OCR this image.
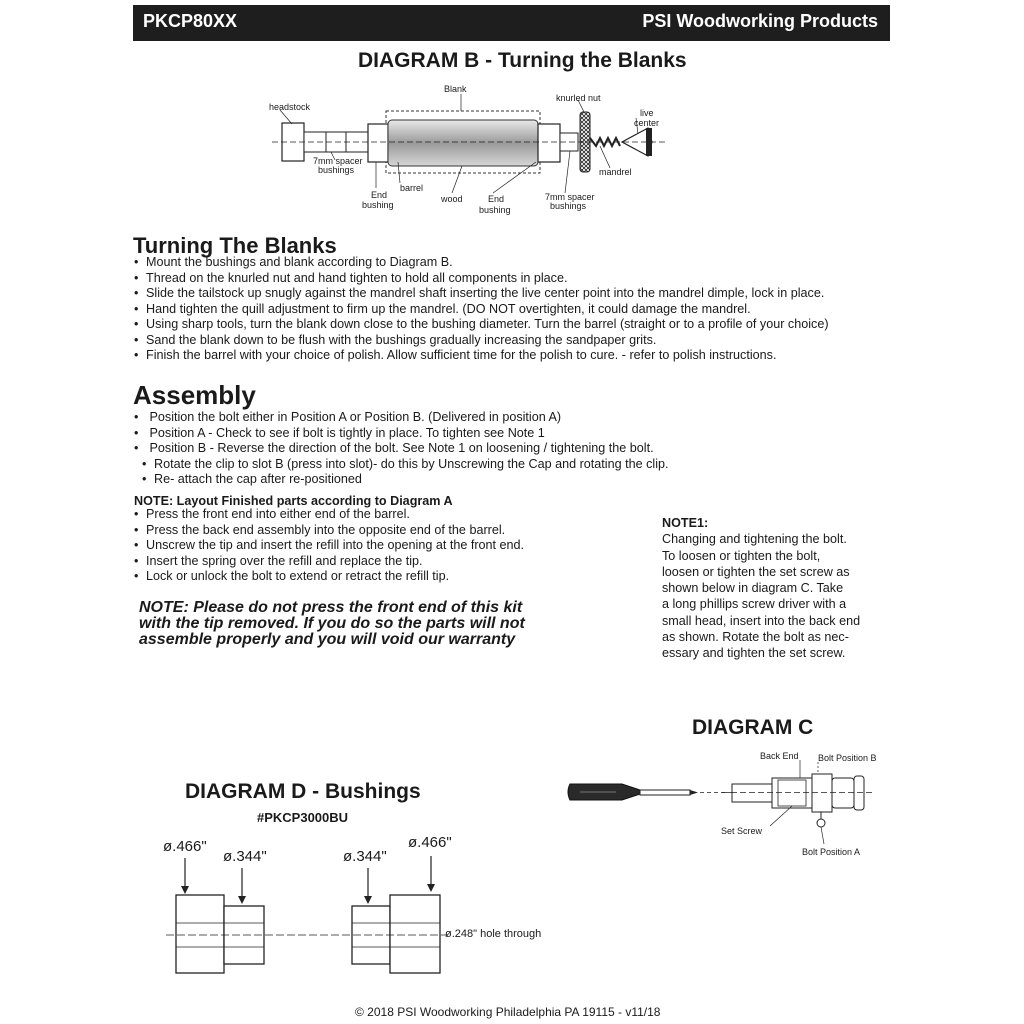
PKCP80XX	PSI Woodworking Products
DIAGRAM B - Turning the Blanks
Blank
knurled nut
live
center
headstock
7mm spacer
bushings	mandrel
End
bushing
barrel
wood	End
bushing
7mm spacer
bushings
Turning The Blanks
• Mount the bushings and blank according to Diagram B.
• Thread on the knurled nut and hand tighten to hold all components in place.
• Slide the tailstock up snugly against the mandrel shaft inserting the live center point into the mandrel dimple, lock in place.
• Hand tighten the quill adjustment to firm up the mandrel. (DO NOT overtighten, it could damage the mandrel.
• Using sharp tools, turn the blank down close to the bushing diameter. Turn the barrel (straight or to a profile of your choice)
• Sand the blank down to be flush with the bushings gradually increasing the sandpaper grits.
• Finish the barrel with your choice of polish. Allow sufficient time for the polish to cure. - refer to polish instructions.
Assembly
• Position the bolt either in Position A or Position B. (Delivered in position A)
• Position A - Check to see if bolt is tightly in place. To tighten see Note 1
• Position B - Reverse the direction of the bolt. See Note 1 on loosening / tightening the bolt.
• Rotate the clip to slot B (press into slot)- do this by Unscrewing the Cap and rotating the clip.
• Re- attach the cap after re-positioned
NOTE: Layout Finished parts according to Diagram A
• Press the front end into either end of the barrel.
• Press the back end assembly into the opposite end of the barrel.
• Unscrew the tip and insert the refill into the opening at the front end.
• Insert the spring over the refill and replace the tip.
• Lock or unlock the bolt to extend or retract the refill tip.
NOTE: Please do not press the front end of this kit
with the tip removed. If you do so the parts will not
assemble properly and you will void our warranty
NOTE1:
Changing and tightening the bolt.
To loosen or tighten the bolt,
loosen or tighten the set screw as
shown below in diagram C. Take
a long phillips screw driver with a
small head, insert into the back end
as shown. Rotate the bolt as nec-
essary and tighten the set screw.
DIAGRAM C
Back End Bolt Position B
Set Screw
Bolt Position A
DIAGRAM D - Bushings
#PKCP3000BU
ø.466"
ø.344"	ø.344"
ø.466"
ø.248" hole through
© 2018 PSI Woodworking Philadelphia PA 19115 - v11/18
